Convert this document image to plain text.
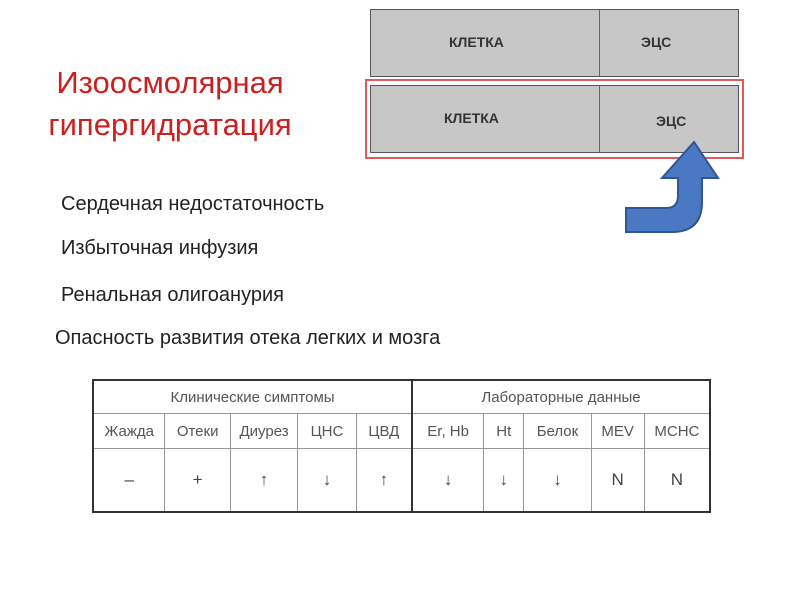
Изоосмолярная
гипергидратация
КЛЕТКА	ЭЦС
КЛЕТКА	ЭЦС
Сердечная недостаточность
Избыточная инфузия
Ренальная олигоанурия
Опасность развития отека легких и мозга
Клинические симптомы					Лабораторные данные				
Жажда	Отеки	Диурез	ЦНС	ЦВД	Er, Hb	Ht	Белок	MEV	MCHC
–	+	↑	↓	↑	↓	↓	↓	N	N
